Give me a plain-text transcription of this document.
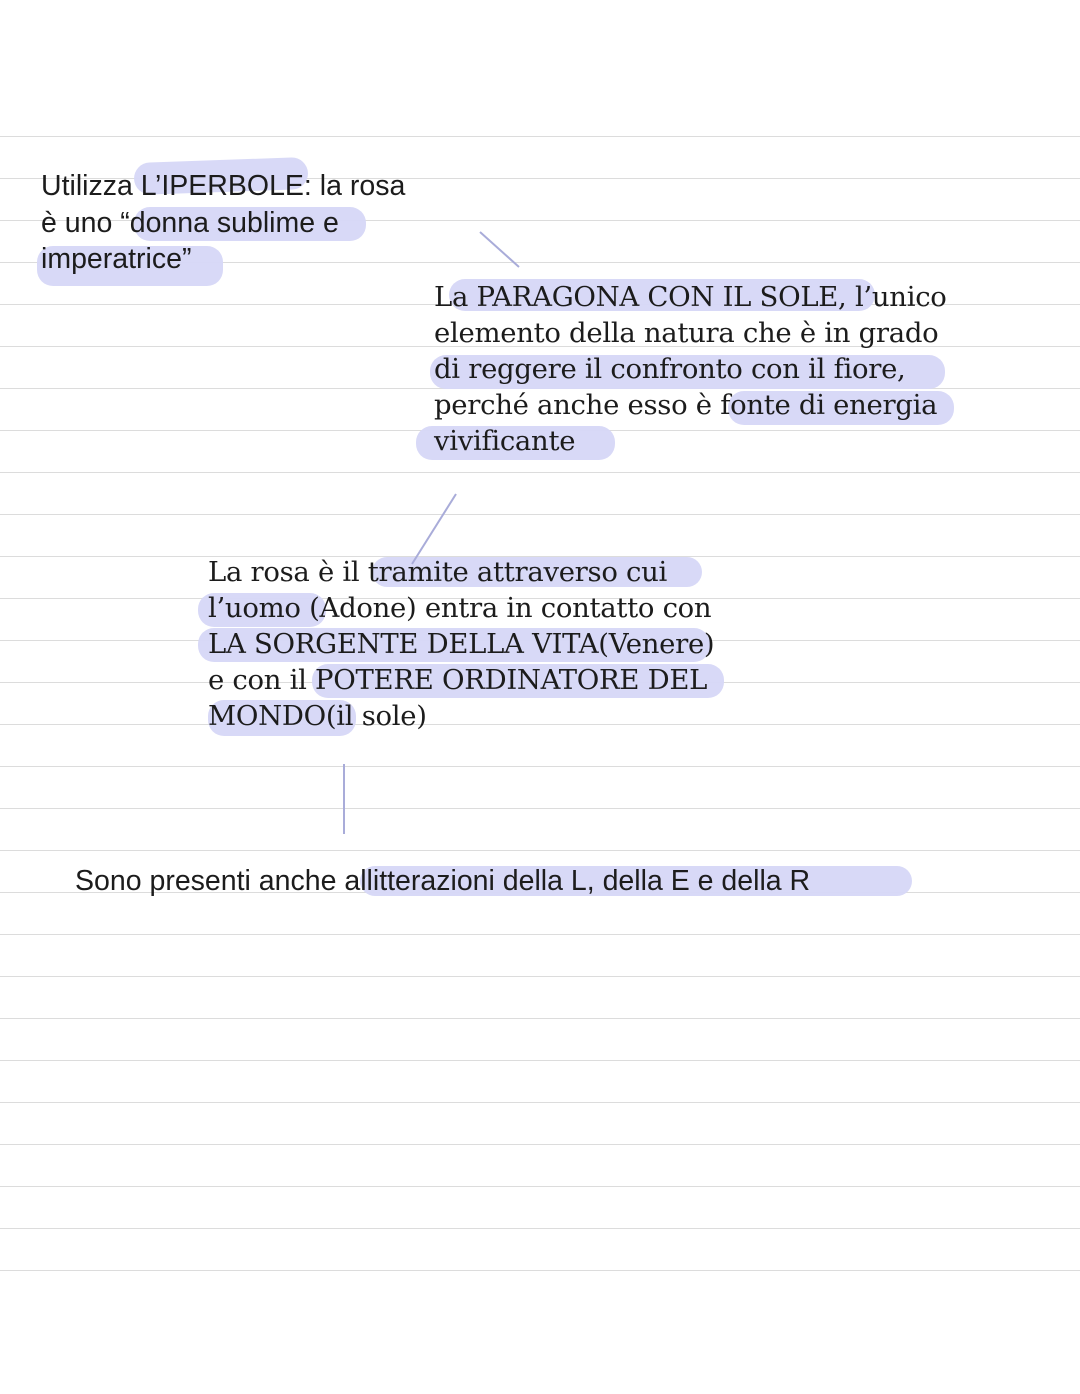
Utilizza L’IPERBOLE: la rosa
è uno “donna sublime e
imperatrice”
La PARAGONA CON IL SOLE, l’unico
elemento della natura che è in grado
di reggere il confronto con il fiore,
perché anche esso è fonte di energia
vivificante
La rosa è il tramite attraverso cui
l’uomo (Adone) entra in contatto con
LA SORGENTE DELLA VITA(Venere)
e con il POTERE ORDINATORE DEL
MONDO(il sole)
Sono presenti anche allitterazioni della L, della E e della R
